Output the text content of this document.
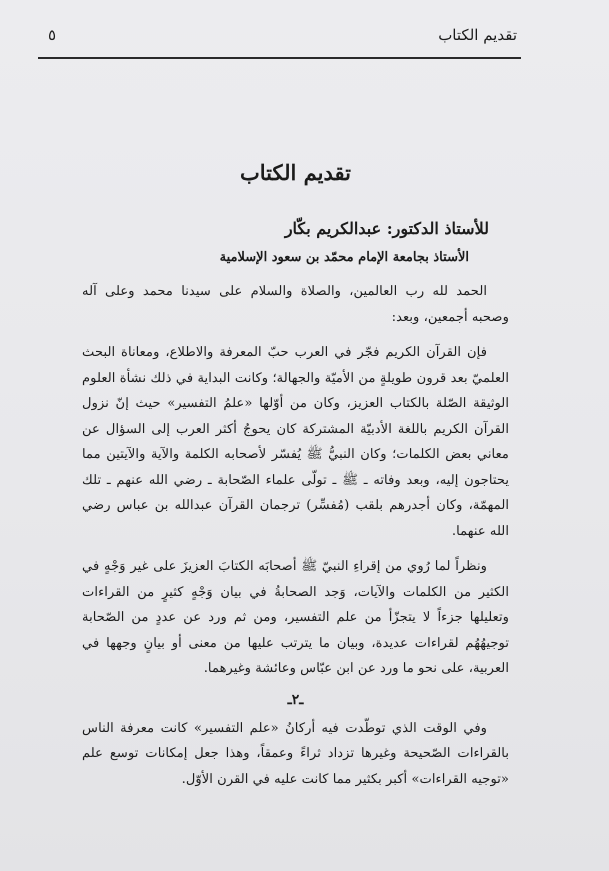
تقديم الكتاب
٥
تقديم الكتاب
للأستاذ الدكتور: عبدالكريم بكّار
الأستاذ بجامعة الإمام محمّد بن سعود الإسلامية

الحمد لله رب العالمين، والصلاة والسلام على سيدنا محمد وعلى آله وصحبه أجمعين، وبعد:

فإن القرآن الكريم فجّر في العرب حبّ المعرفة والاطلاع، ومعاناة البحث العلميّ بعد قرون طويلةٍ من الأميّة والجهالة؛ وكانت البداية في ذلك نشأة العلوم الوثيقة الصّلة بالكتاب العزيز، وكان من أوّلها «علمُ التفسير» حيث إنّ نزول القرآن الكريم باللغة الأدبيّة المشتركة كان يحوجُ أكثر العرب إلى السؤال عن معاني بعض الكلمات؛ وكان النبيُّ ﷺ يُفسّر لأصحابه الكلمة والآية والآيتين مما يحتاجون إليه، وبعد وفاته ـ ﷺ ـ تولّى علماء الصّحابة ـ رضي الله عنهم ـ تلك المهمّة، وكان أجدرهم بلقب (مُفسِّر) ترجمان القرآن عبدالله بن عباس رضي الله عنهما.

ونظراً لما رُوي من إقراءِ النبيّ ﷺ أصحابَه الكتابَ العزيزَ على غير وَجْهٍ في الكثير من الكلمات والآيات، وَجد الصحابةُ في بيان وَجْهٍ كثيرٍ من القراءات وتعليلها جزءاً لا يتجزّأ من علم التفسير، ومن ثم ورد عن عددٍ من الصّحابة توجيهُهُم لقراءات عديدة، وبيان ما يترتب عليها من معنى أو بيانٍ وجهها في العربية، على نحو ما ورد عن ابن عبّاس وعائشة وغيرهما.

ـ٢ـ

وفي الوقت الذي توطّدت فيه أركانُ «علم التفسير» كانت معرفة الناس بالقراءات الصّحيحة وغيرها تزداد ثراءً وعمقاً، وهذا جعل إمكانات توسع علم «توجيه القراءات» أكبر بكثير مما كانت عليه في القرن الأوّل.
